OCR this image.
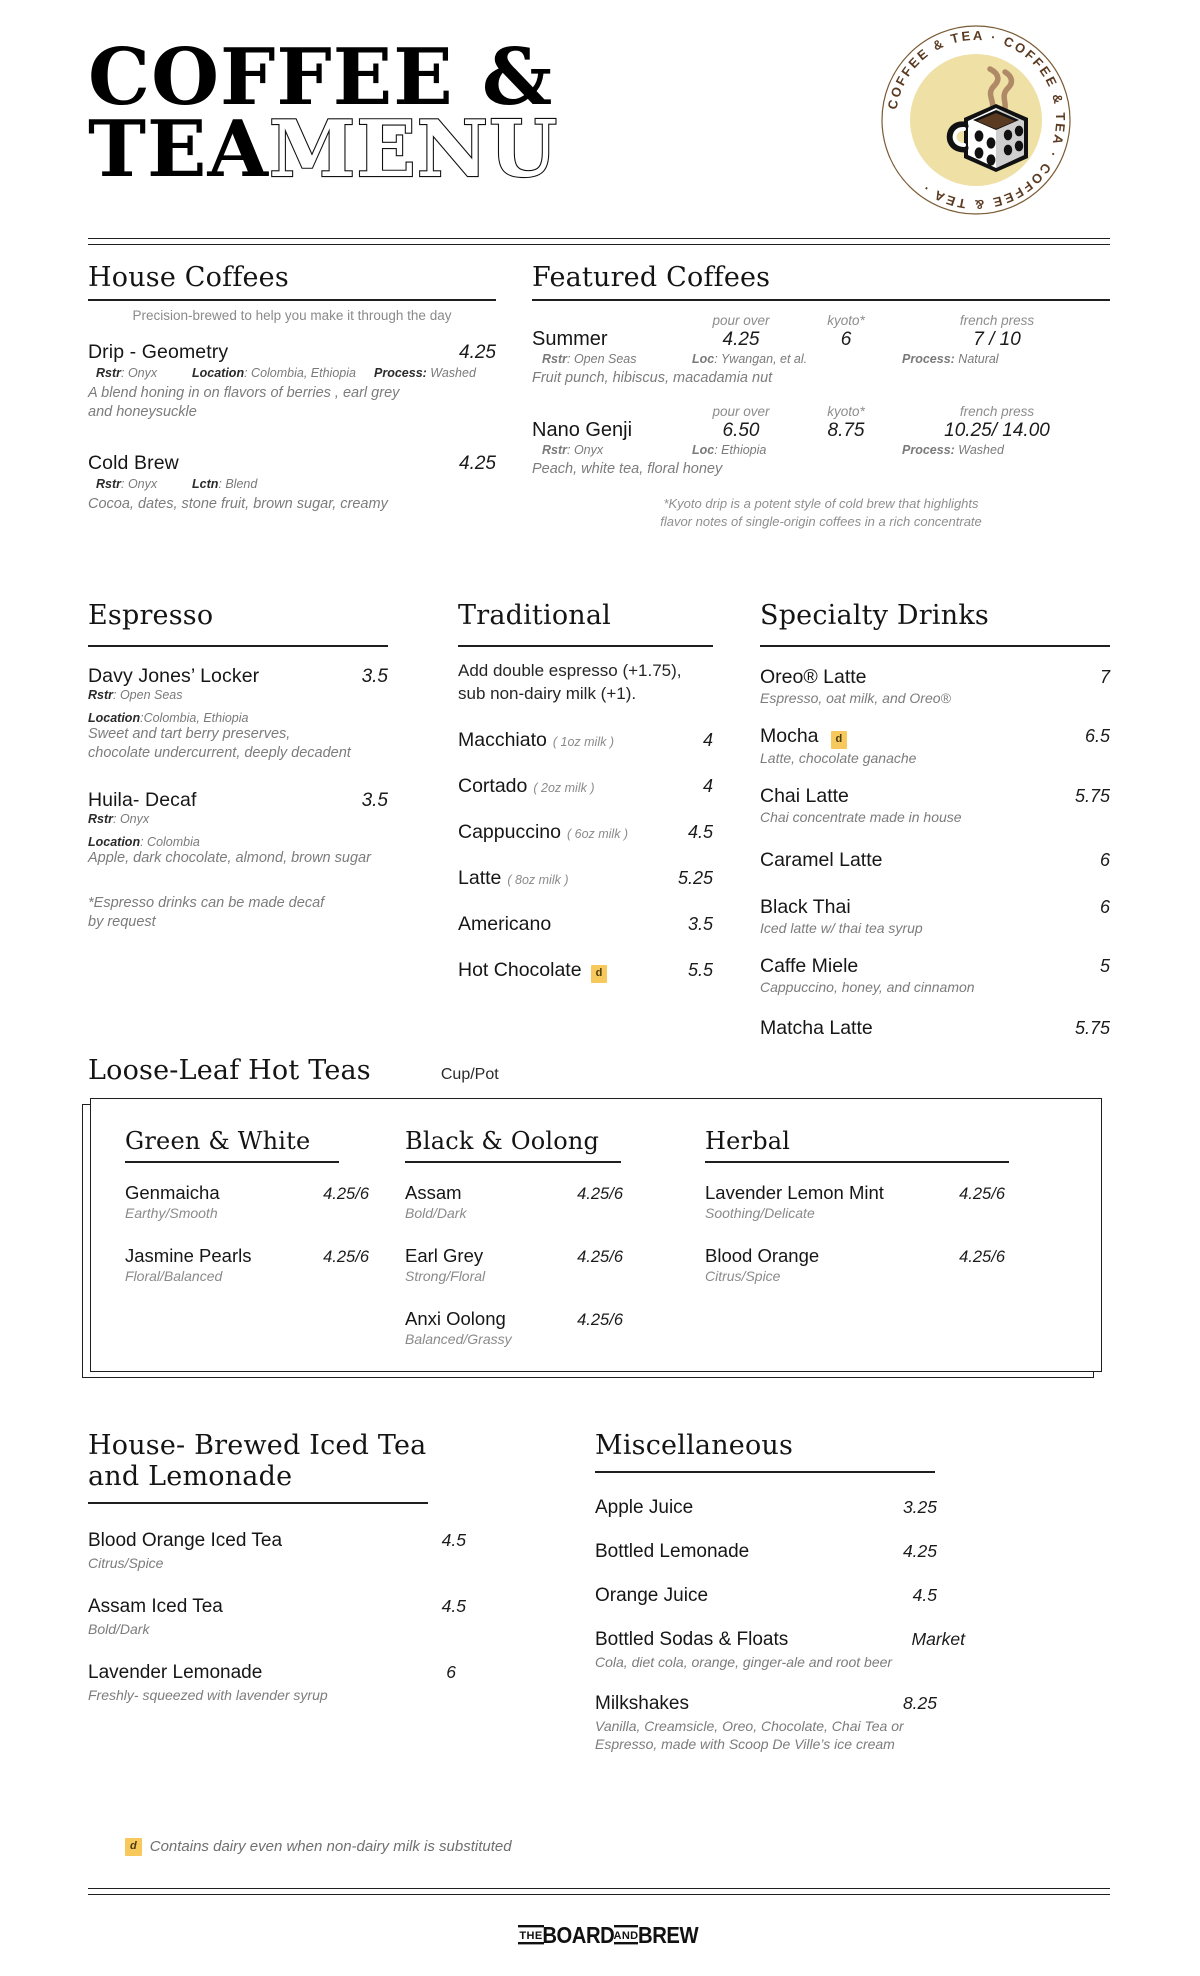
COFFEE &
TEA MENU
COFFEE & TEA · COFFEE & TEA · COFFEE & TEA ·
House Coffees
Precision-brewed to help you make it through the day
Drip - Geometry	4.25
Rstr: Onyx	Location: Colombia, Ethiopia	Process: Washed
A blend honing in on flavors of berries , earl grey and honeysuckle
Cold Brew	4.25
Rstr: Onyx	Lctn: Blend
Cocoa, dates, stone fruit, brown sugar, creamy
Featured Coffees
pour over	kyoto*	french press
Summer	4.25	6	7 / 10
Rstr: Open Seas	Loc: Ywangan, et al.	Process: Natural
Fruit punch, hibiscus, macadamia nut
pour over	kyoto*	french press
Nano Genji	6.50	8.75	10.25/ 14.00
Rstr: Onyx	Loc: Ethiopia	Process: Washed
Peach, white tea, floral honey
*Kyoto drip is a potent style of cold brew that highlights
flavor notes of single-origin coffees in a rich concentrate
Espresso
Davy Jones’ Locker	3.5
Rstr: Open Seas
Location:Colombia, Ethiopia
Sweet and tart berry preserves,
chocolate undercurrent, deeply decadent
Huila- Decaf	3.5
Rstr: Onyx
Location: Colombia
Apple, dark chocolate, almond, brown sugar
*Espresso drinks can be made decaf
by request
Traditional
Add double espresso (+1.75),
sub non-dairy milk (+1).
Macchiato ( 1oz milk )	4
Cortado ( 2oz milk )	4
Cappuccino ( 6oz milk )	4.5
Latte ( 8oz milk )	5.25
Americano	3.5
Hot Chocolate	d	5.5
Specialty Drinks
Oreo® Latte	7
Espresso, oat milk, and Oreo®
Mocha	d	6.5
Latte, chocolate ganache
Chai Latte	5.75
Chai concentrate made in house
Caramel Latte	6
Black Thai	6
Iced latte w/ thai tea syrup
Caffe Miele	5
Cappuccino, honey, and cinnamon
Matcha Latte	5.75
Loose-Leaf Hot Teas	Cup/Pot
Green & White
Genmaicha	4.25/6
Earthy/Smooth
Jasmine Pearls	4.25/6
Floral/Balanced
Black & Oolong
Assam	4.25/6
Bold/Dark
Earl Grey	4.25/6
Strong/Floral
Anxi Oolong	4.25/6
Balanced/Grassy
Herbal
Lavender Lemon Mint	4.25/6
Soothing/Delicate
Blood Orange	4.25/6
Citrus/Spice
House- Brewed Iced Tea
and Lemonade
Blood Orange Iced Tea	4.5
Citrus/Spice
Assam Iced Tea	4.5
Bold/Dark
Lavender Lemonade	6
Freshly- squeezed with lavender syrup
Miscellaneous
Apple Juice	3.25
Bottled Lemonade	4.25
Orange Juice	4.5
Bottled Sodas & Floats	Market
Cola, diet cola, orange, ginger-ale and root beer
Milkshakes	8.25
Vanilla, Creamsicle, Oreo, Chocolate, Chai Tea or Espresso, made with Scoop De Ville’s ice cream
d Contains dairy even when non-dairy milk is substituted
THE BOARD AND BREW
